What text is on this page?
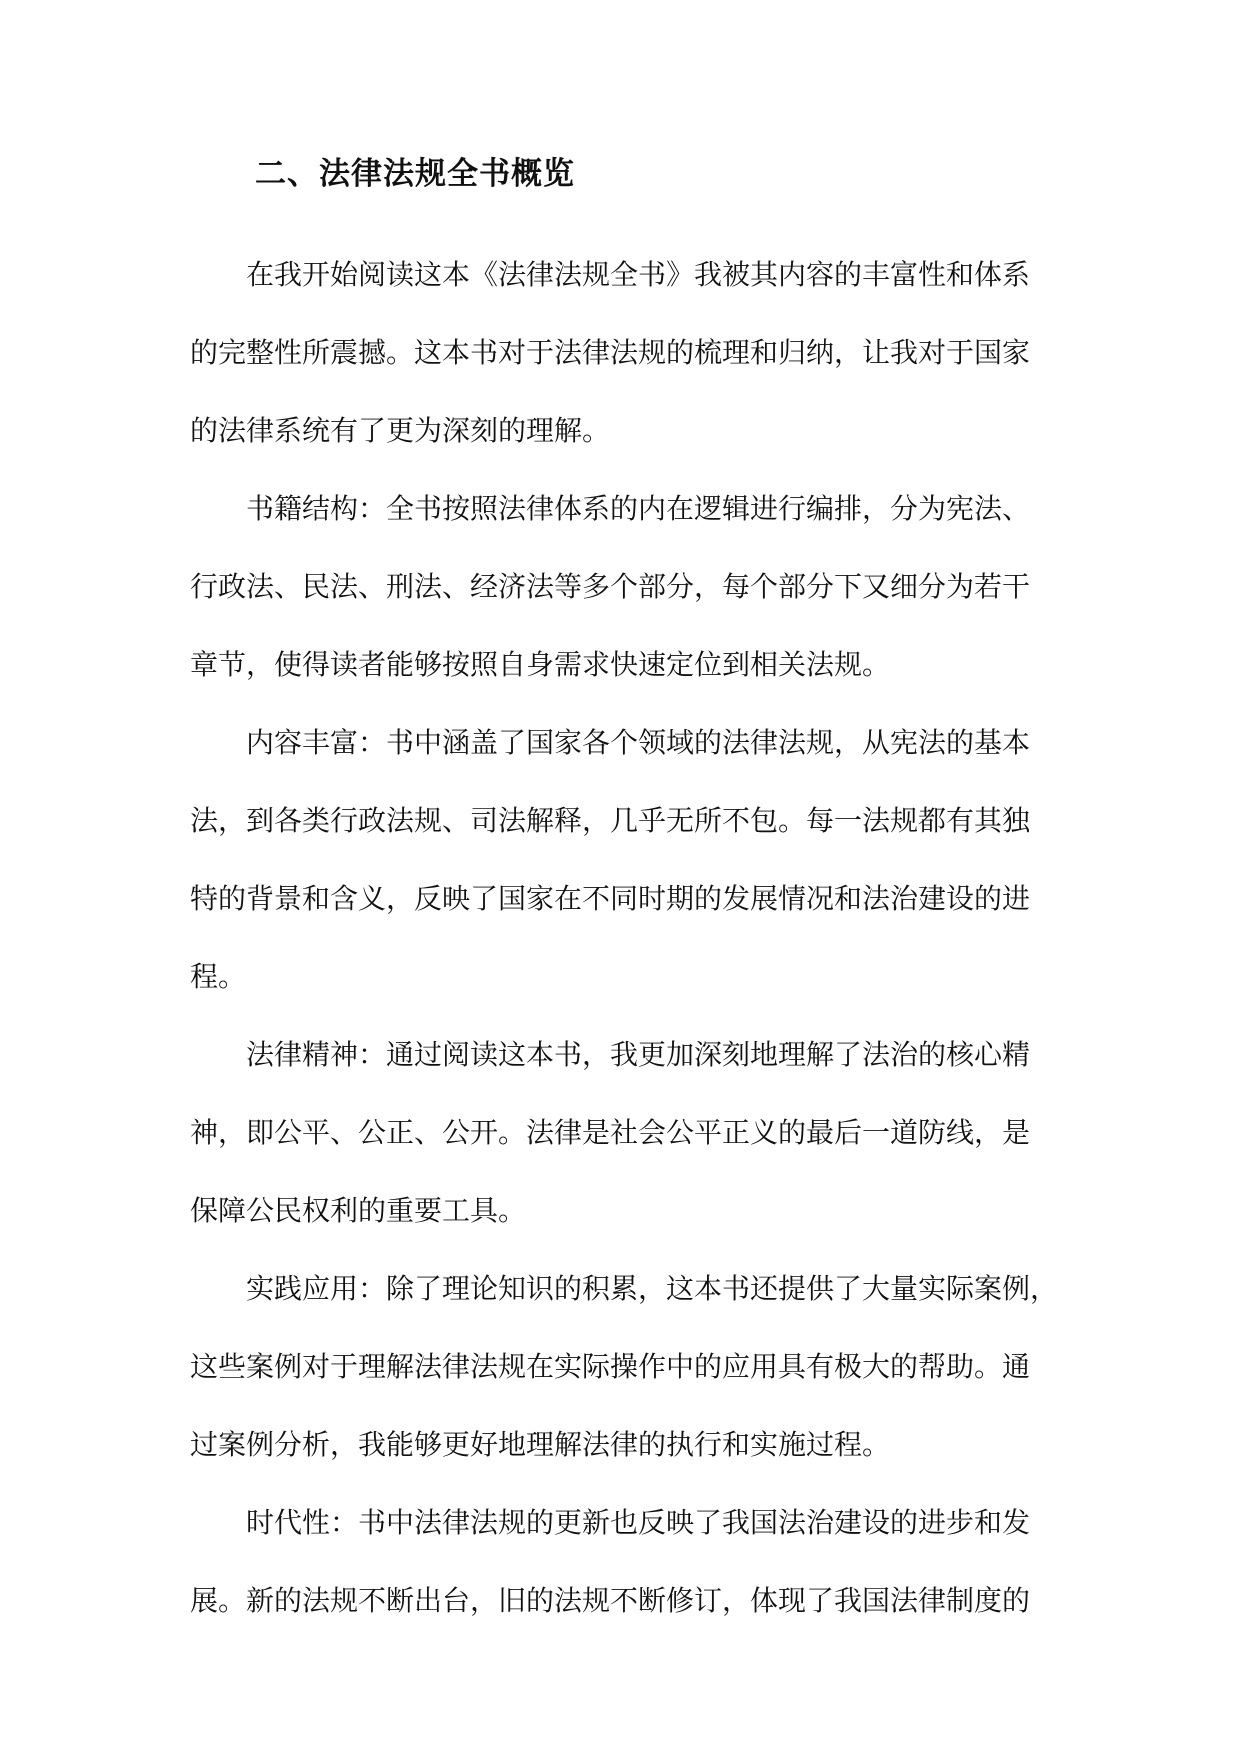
二、法律法规全书概览

在我开始阅读这本《法律法规全书》我被其内容的丰富性和体系
的完整性所震撼。这本书对于法律法规的梳理和归纳，让我对于国家
的法律系统有了更为深刻的理解。

书籍结构：全书按照法律体系的内在逻辑进行编排，分为宪法、
行政法、民法、刑法、经济法等多个部分，每个部分下又细分为若干
章节，使得读者能够按照自身需求快速定位到相关法规。

内容丰富：书中涵盖了国家各个领域的法律法规，从宪法的基本
法，到各类行政法规、司法解释，几乎无所不包。每一法规都有其独
特的背景和含义，反映了国家在不同时期的发展情况和法治建设的进
程。

法律精神：通过阅读这本书，我更加深刻地理解了法治的核心精
神，即公平、公正、公开。法律是社会公平正义的最后一道防线，是
保障公民权利的重要工具。

实践应用：除了理论知识的积累，这本书还提供了大量实际案例，
这些案例对于理解法律法规在实际操作中的应用具有极大的帮助。通
过案例分析，我能够更好地理解法律的执行和实施过程。

时代性：书中法律法规的更新也反映了我国法治建设的进步和发
展。新的法规不断出台，旧的法规不断修订，体现了我国法律制度的
